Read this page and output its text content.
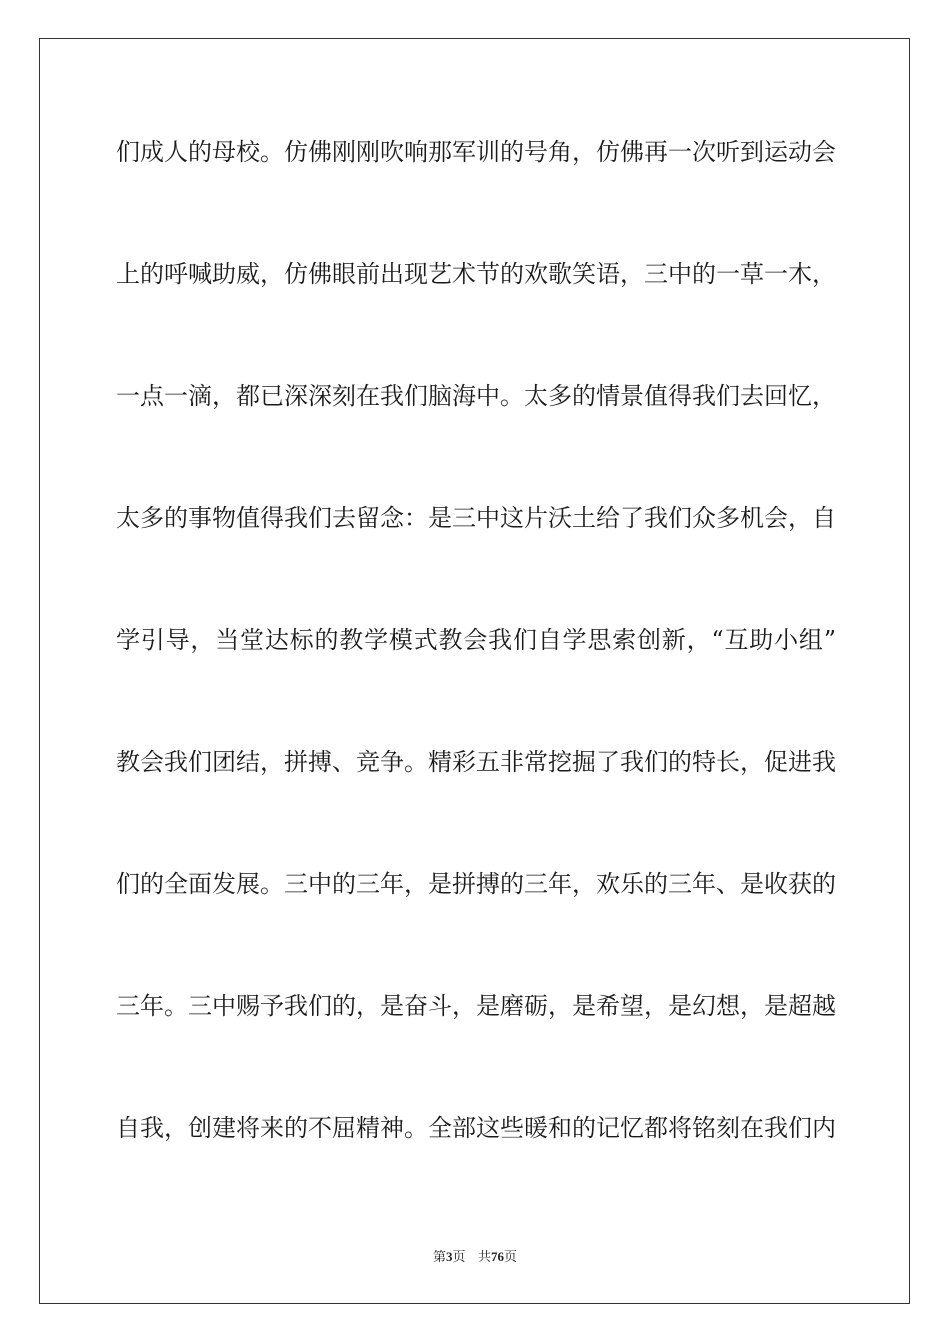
们成人的母校。仿佛刚刚吹响那军训的号角，仿佛再一次听到运动会
上的呼喊助威，仿佛眼前出现艺术节的欢歌笑语，三中的一草一木，
一点一滴，都已深深刻在我们脑海中。太多的情景值得我们去回忆，
太多的事物值得我们去留念：是三中这片沃土给了我们众多机会，自
学引导，当堂达标的教学模式教会我们自学思索创新，“互助小组”
教会我们团结，拼搏、竞争。精彩五非常挖掘了我们的特长，促进我
们的全面发展。三中的三年，是拼搏的三年，欢乐的三年、是收获的
三年。三中赐予我们的，是奋斗，是磨砺，是希望，是幻想，是超越
自我，创建将来的不屈精神。全部这些暖和的记忆都将铭刻在我们内
第3页 共76页
